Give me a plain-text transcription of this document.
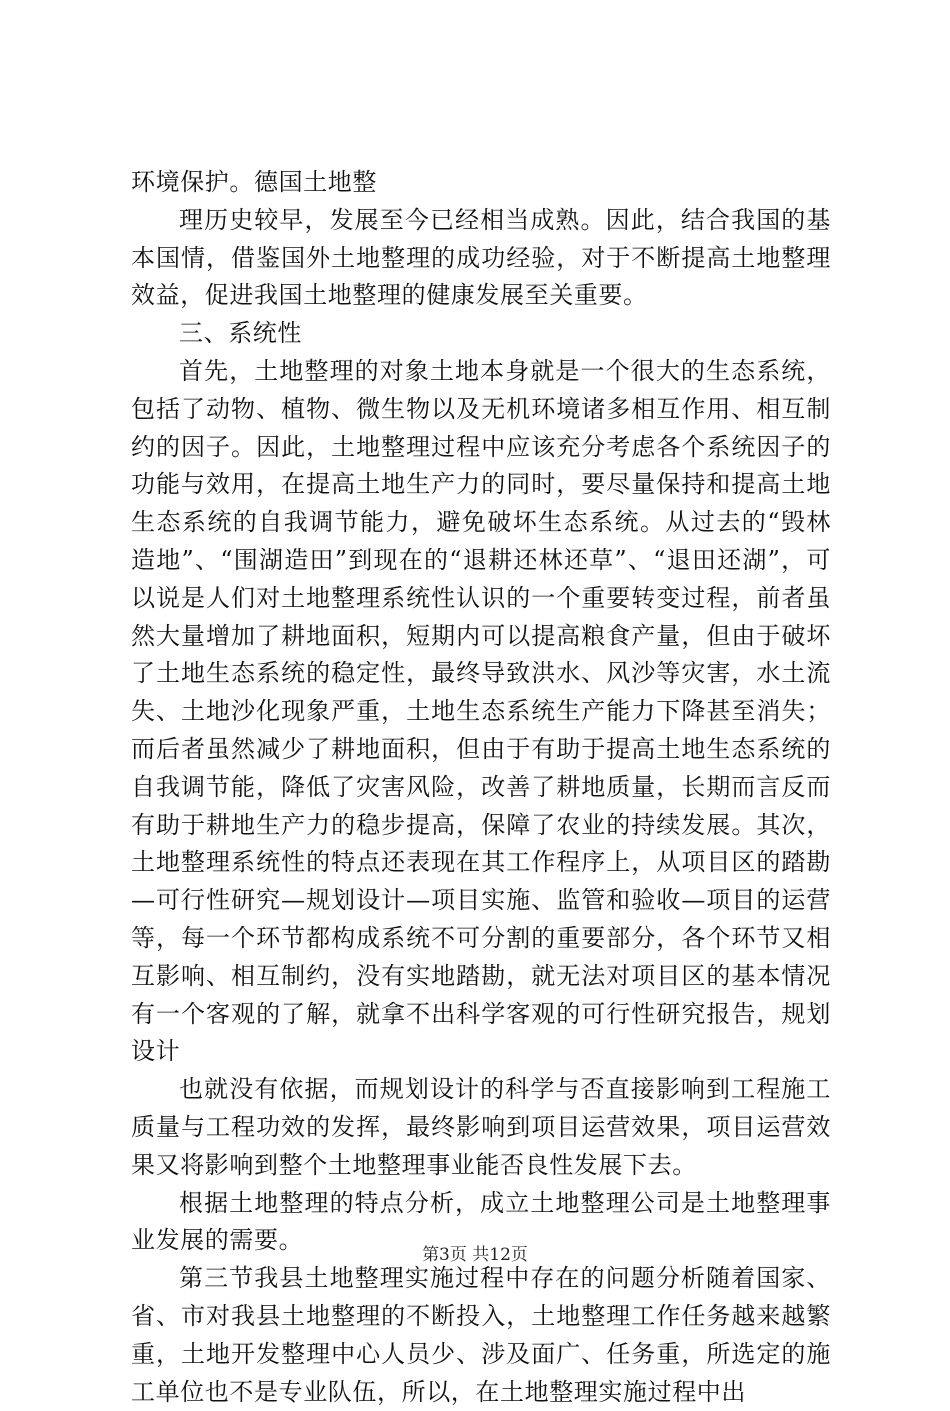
环境保护。德国土地整

理历史较早，发展至今已经相当成熟。因此，结合我国的基本国情，借鉴国外土地整理的成功经验，对于不断提高土地整理效益，促进我国土地整理的健康发展至关重要。

三、系统性

首先，土地整理的对象土地本身就是一个很大的生态系统，包括了动物、植物、微生物以及无机环境诸多相互作用、相互制约的因子。因此，土地整理过程中应该充分考虑各个系统因子的功能与效用，在提高土地生产力的同时，要尽量保持和提高土地生态系统的自我调节能力，避免破坏生态系统。从过去的“毁林造地”、“围湖造田”到现在的“退耕还林还草”、“退田还湖”，可以说是人们对土地整理系统性认识的一个重要转变过程，前者虽然大量增加了耕地面积，短期内可以提高粮食产量，但由于破坏了土地生态系统的稳定性，最终导致洪水、风沙等灾害，水土流失、土地沙化现象严重，土地生态系统生产能力下降甚至消失；而后者虽然减少了耕地面积，但由于有助于提高土地生态系统的自我调节能，降低了灾害风险，改善了耕地质量，长期而言反而有助于耕地生产力的稳步提高，保障了农业的持续发展。其次，土地整理系统性的特点还表现在其工作程序上，从项目区的踏勘—可行性研究—规划设计—项目实施、监管和验收—项目的运营等，每一个环节都构成系统不可分割的重要部分，各个环节又相互影响、相互制约，没有实地踏勘，就无法对项目区的基本情况有一个客观的了解，就拿不出科学客观的可行性研究报告，规划设计

也就没有依据，而规划设计的科学与否直接影响到工程施工质量与工程功效的发挥，最终影响到项目运营效果，项目运营效果又将影响到整个土地整理事业能否良性发展下去。

根据土地整理的特点分析，成立土地整理公司是土地整理事业发展的需要。

第三节我县土地整理实施过程中存在的问题分析随着国家、省、市对我县土地整理的不断投入，土地整理工作任务越来越繁重，土地开发整理中心人员少、涉及面广、任务重，所选定的施工单位也不是专业队伍，所以，在土地整理实施过程中出

第3页 共12页
